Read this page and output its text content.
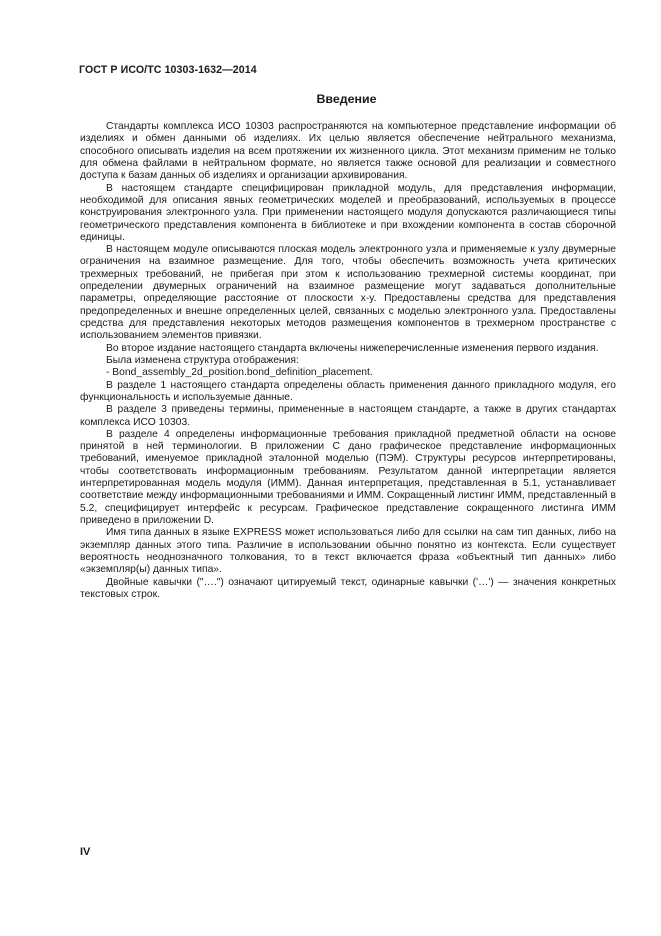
ГОСТ Р ИСО/ТС 10303-1632—2014
Введение

Стандарты комплекса ИСО 10303 распространяются на компьютерное представление информации об изделиях и обмен данными об изделиях. Их целью является обеспечение нейтрального механизма, способного описывать изделия на всем протяжении их жизненного цикла. Этот механизм применим не только для обмена файлами в нейтральном формате, но является также основой для реализации и совместного доступа к базам данных об изделиях и организации архивирования.

В настоящем стандарте специфицирован прикладной модуль, для представления информации, необходимой для описания явных геометрических моделей и преобразований, используемых в процессе конструирования электронного узла. При применении настоящего модуля допускаются различающиеся типы геометрического представления компонента в библиотеке и при вхождении компонента в состав сборочной единицы.

В настоящем модуле описываются плоская модель электронного узла и применяемые к узлу двумерные ограничения на взаимное размещение. Для того, чтобы обеспечить возможность учета критических трехмерных требований, не прибегая при этом к использованию трехмерной системы координат, при определении двумерных ограничений на взаимное размещение могут задаваться дополнительные параметры, определяющие расстояние от плоскости x-y. Предоставлены средства для представления предопределенных и внешне определенных целей, связанных с моделью электронного узла. Предоставлены средства для представления некоторых методов размещения компонентов в трехмерном пространстве с использованием элементов привязки.

Во второе издание настоящего стандарта включены нижеперечисленные изменения первого издания.

Была изменена структура отображения:

- Bond_assembly_2d_position.bond_definition_placement.

В разделе 1 настоящего стандарта определены область применения данного прикладного модуля, его функциональность и используемые данные.

В разделе 3 приведены термины, примененные в настоящем стандарте, а также в других стандартах комплекса ИСО 10303.

В разделе 4 определены информационные требования прикладной предметной области на основе принятой в ней терминологии. В приложении С дано графическое представление информационных требований, именуемое прикладной эталонной моделью (ПЭМ). Структуры ресурсов интерпретированы, чтобы соответствовать информационным требованиям. Результатом данной интерпретации является интерпретированная модель модуля (ИММ). Данная интерпретация, представленная в 5.1, устанавливает соответствие между информационными требованиями и ИММ. Сокращенный листинг ИММ, представленный в 5.2, специфицирует интерфейс к ресурсам. Графическое представление сокращенного листинга ИММ приведено в приложении D.

Имя типа данных в языке EXPRESS может использоваться либо для ссылки на сам тип данных, либо на экземпляр данных этого типа. Различие в использовании обычно понятно из контекста. Если существует вероятность неоднозначного толкования, то в текст включается фраза «объектный тип данных» либо «экземпляр(ы) данных типа».

Двойные кавычки ("….") означают цитируемый текст, одинарные кавычки ('…') — значения конкретных текстовых строк.

IV
